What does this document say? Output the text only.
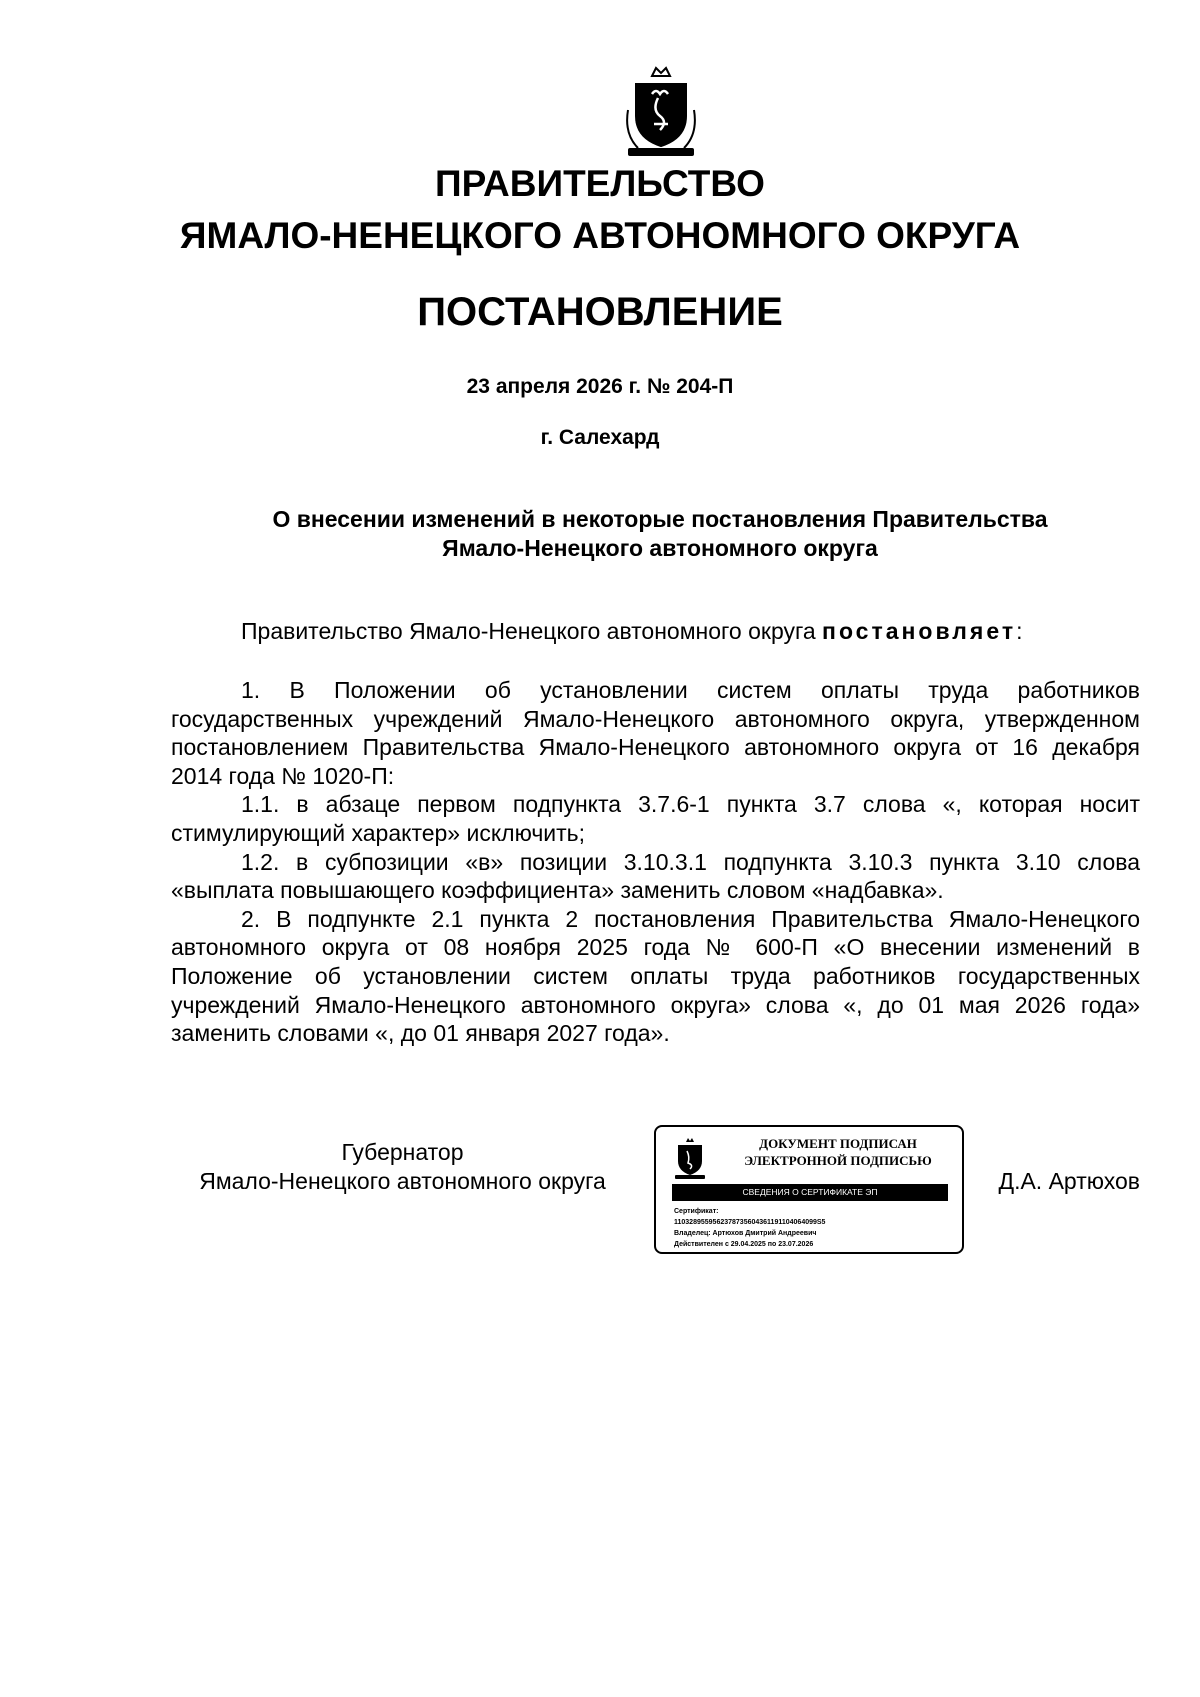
ПРАВИТЕЛЬСТВО
ЯМАЛО-НЕНЕЦКОГО АВТОНОМНОГО ОКРУГА
ПОСТАНОВЛЕНИЕ
23 апреля 2026 г. № 204-П
г. Салехард
О внесении изменений в некоторые постановления Правительства
Ямало-Ненецкого автономного округа
Правительство Ямало-Ненецкого автономного округа постановляет:

1. В Положении об установлении систем оплаты труда работников государственных учреждений Ямало-Ненецкого автономного округа, утвержденном постановлением Правительства Ямало-Ненецкого автономного округа от 16 декабря 2014 года № 1020-П:

1.1. в абзаце первом подпункта 3.7.6-1 пункта 3.7 слова «, которая носит стимулирующий характер» исключить;

1.2. в субпозиции «в» позиции 3.10.3.1 подпункта 3.10.3 пункта 3.10 слова «выплата повышающего коэффициента» заменить словом «надбавка».

2. В подпункте 2.1 пункта 2 постановления Правительства Ямало-Ненецкого автономного округа от 08 ноября 2025 года № 600-П «О внесении изменений в Положение об установлении систем оплаты труда работников государственных учреждений Ямало-Ненецкого автономного округа» слова «, до 01 мая 2026 года» заменить словами «, до 01 января 2027 года».

Губернатор
Ямало-Ненецкого автономного округа
ДОКУМЕНТ ПОДПИСАН
ЭЛЕКТРОННОЙ ПОДПИСЬЮ
СВЕДЕНИЯ О СЕРТИФИКАТЕ ЭП
Сертификат:
1103289559562378735604361191104064099S5
Владелец: Артюхов Дмитрий Андреевич
Действителен с 29.04.2025 по 23.07.2026
Д.А. Артюхов
